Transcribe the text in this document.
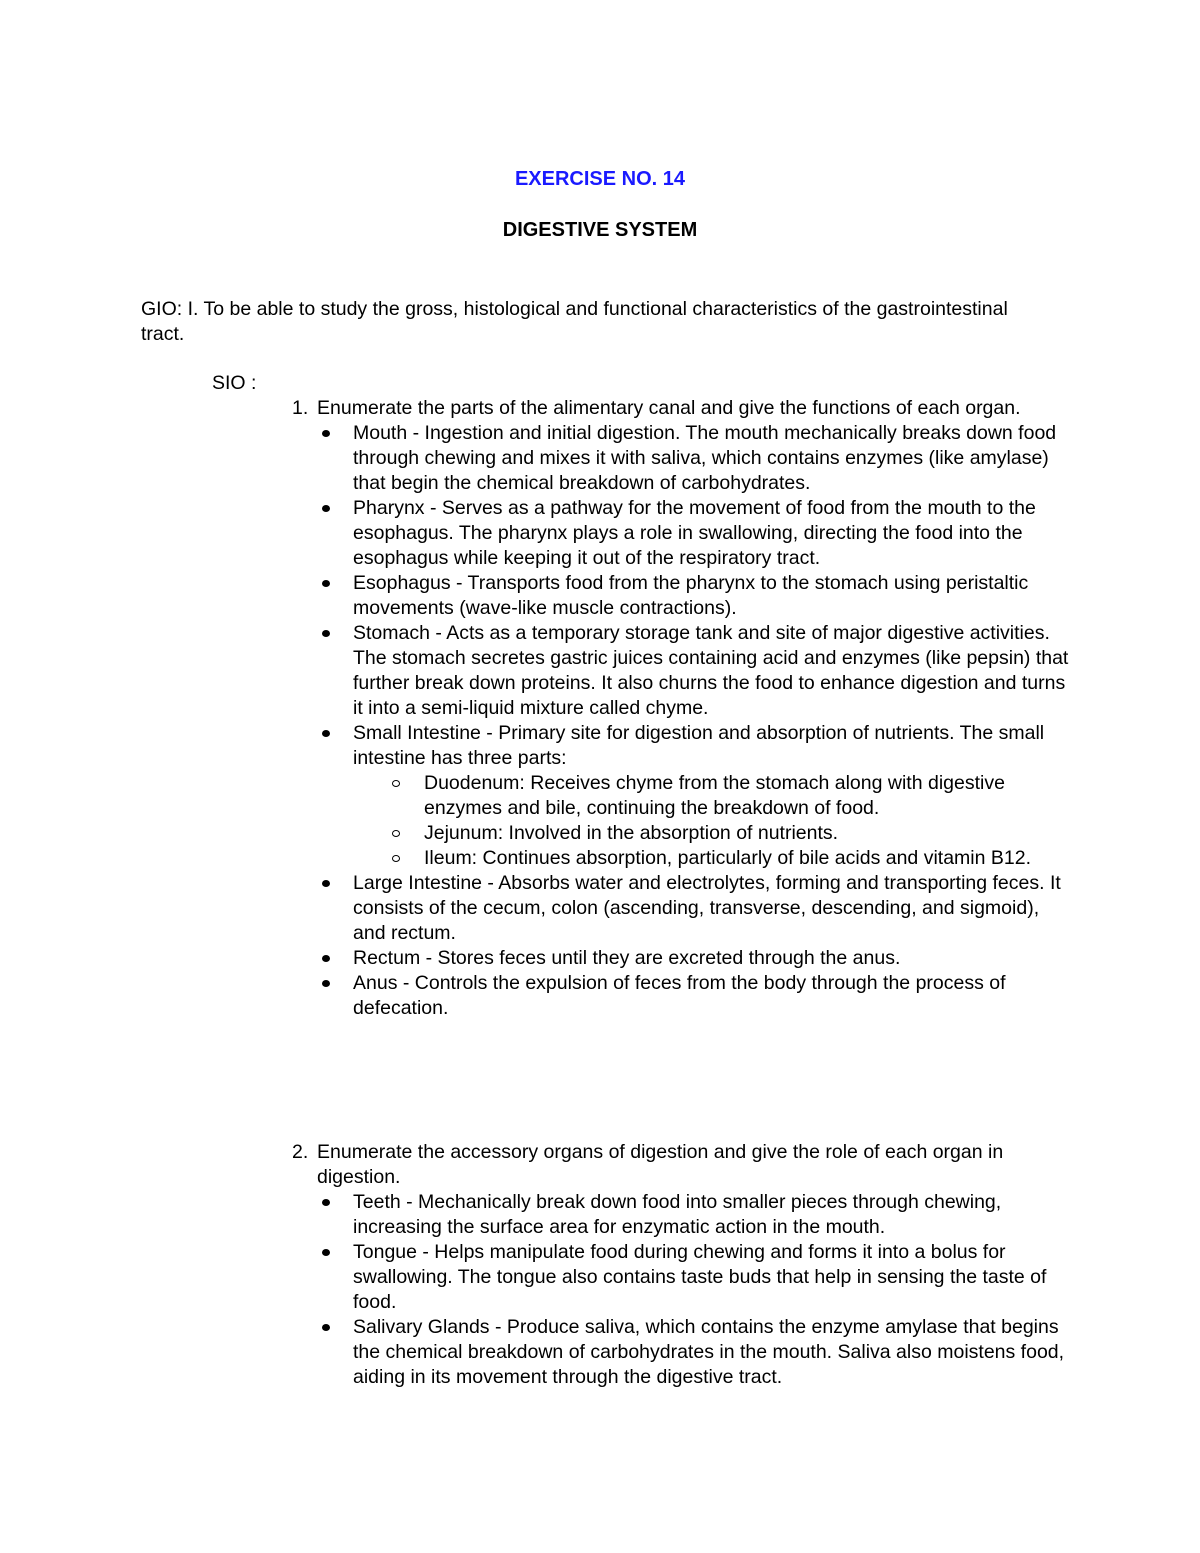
EXERCISE NO. 14
DIGESTIVE SYSTEM
GIO: I. To be able to study the gross, histological and functional characteristics of the gastrointestinal tract.
SIO :
1. Enumerate the parts of the alimentary canal and give the functions of each organ.
Mouth - Ingestion and initial digestion. The mouth mechanically breaks down food through chewing and mixes it with saliva, which contains enzymes (like amylase) that begin the chemical breakdown of carbohydrates.
Pharynx - Serves as a pathway for the movement of food from the mouth to the esophagus. The pharynx plays a role in swallowing, directing the food into the esophagus while keeping it out of the respiratory tract.
Esophagus - Transports food from the pharynx to the stomach using peristaltic movements (wave-like muscle contractions).
Stomach - Acts as a temporary storage tank and site of major digestive activities. The stomach secretes gastric juices containing acid and enzymes (like pepsin) that further break down proteins. It also churns the food to enhance digestion and turns it into a semi-liquid mixture called chyme.
Small Intestine - Primary site for digestion and absorption of nutrients. The small intestine has three parts:
Duodenum: Receives chyme from the stomach along with digestive enzymes and bile, continuing the breakdown of food.
Jejunum: Involved in the absorption of nutrients.
Ileum: Continues absorption, particularly of bile acids and vitamin B12.
Large Intestine - Absorbs water and electrolytes, forming and transporting feces. It consists of the cecum, colon (ascending, transverse, descending, and sigmoid), and rectum.
Rectum - Stores feces until they are excreted through the anus.
Anus - Controls the expulsion of feces from the body through the process of defecation.
2. Enumerate the accessory organs of digestion and give the role of each organ in digestion.
Teeth - Mechanically break down food into smaller pieces through chewing, increasing the surface area for enzymatic action in the mouth.
Tongue - Helps manipulate food during chewing and forms it into a bolus for swallowing. The tongue also contains taste buds that help in sensing the taste of food.
Salivary Glands - Produce saliva, which contains the enzyme amylase that begins the chemical breakdown of carbohydrates in the mouth. Saliva also moistens food, aiding in its movement through the digestive tract.
